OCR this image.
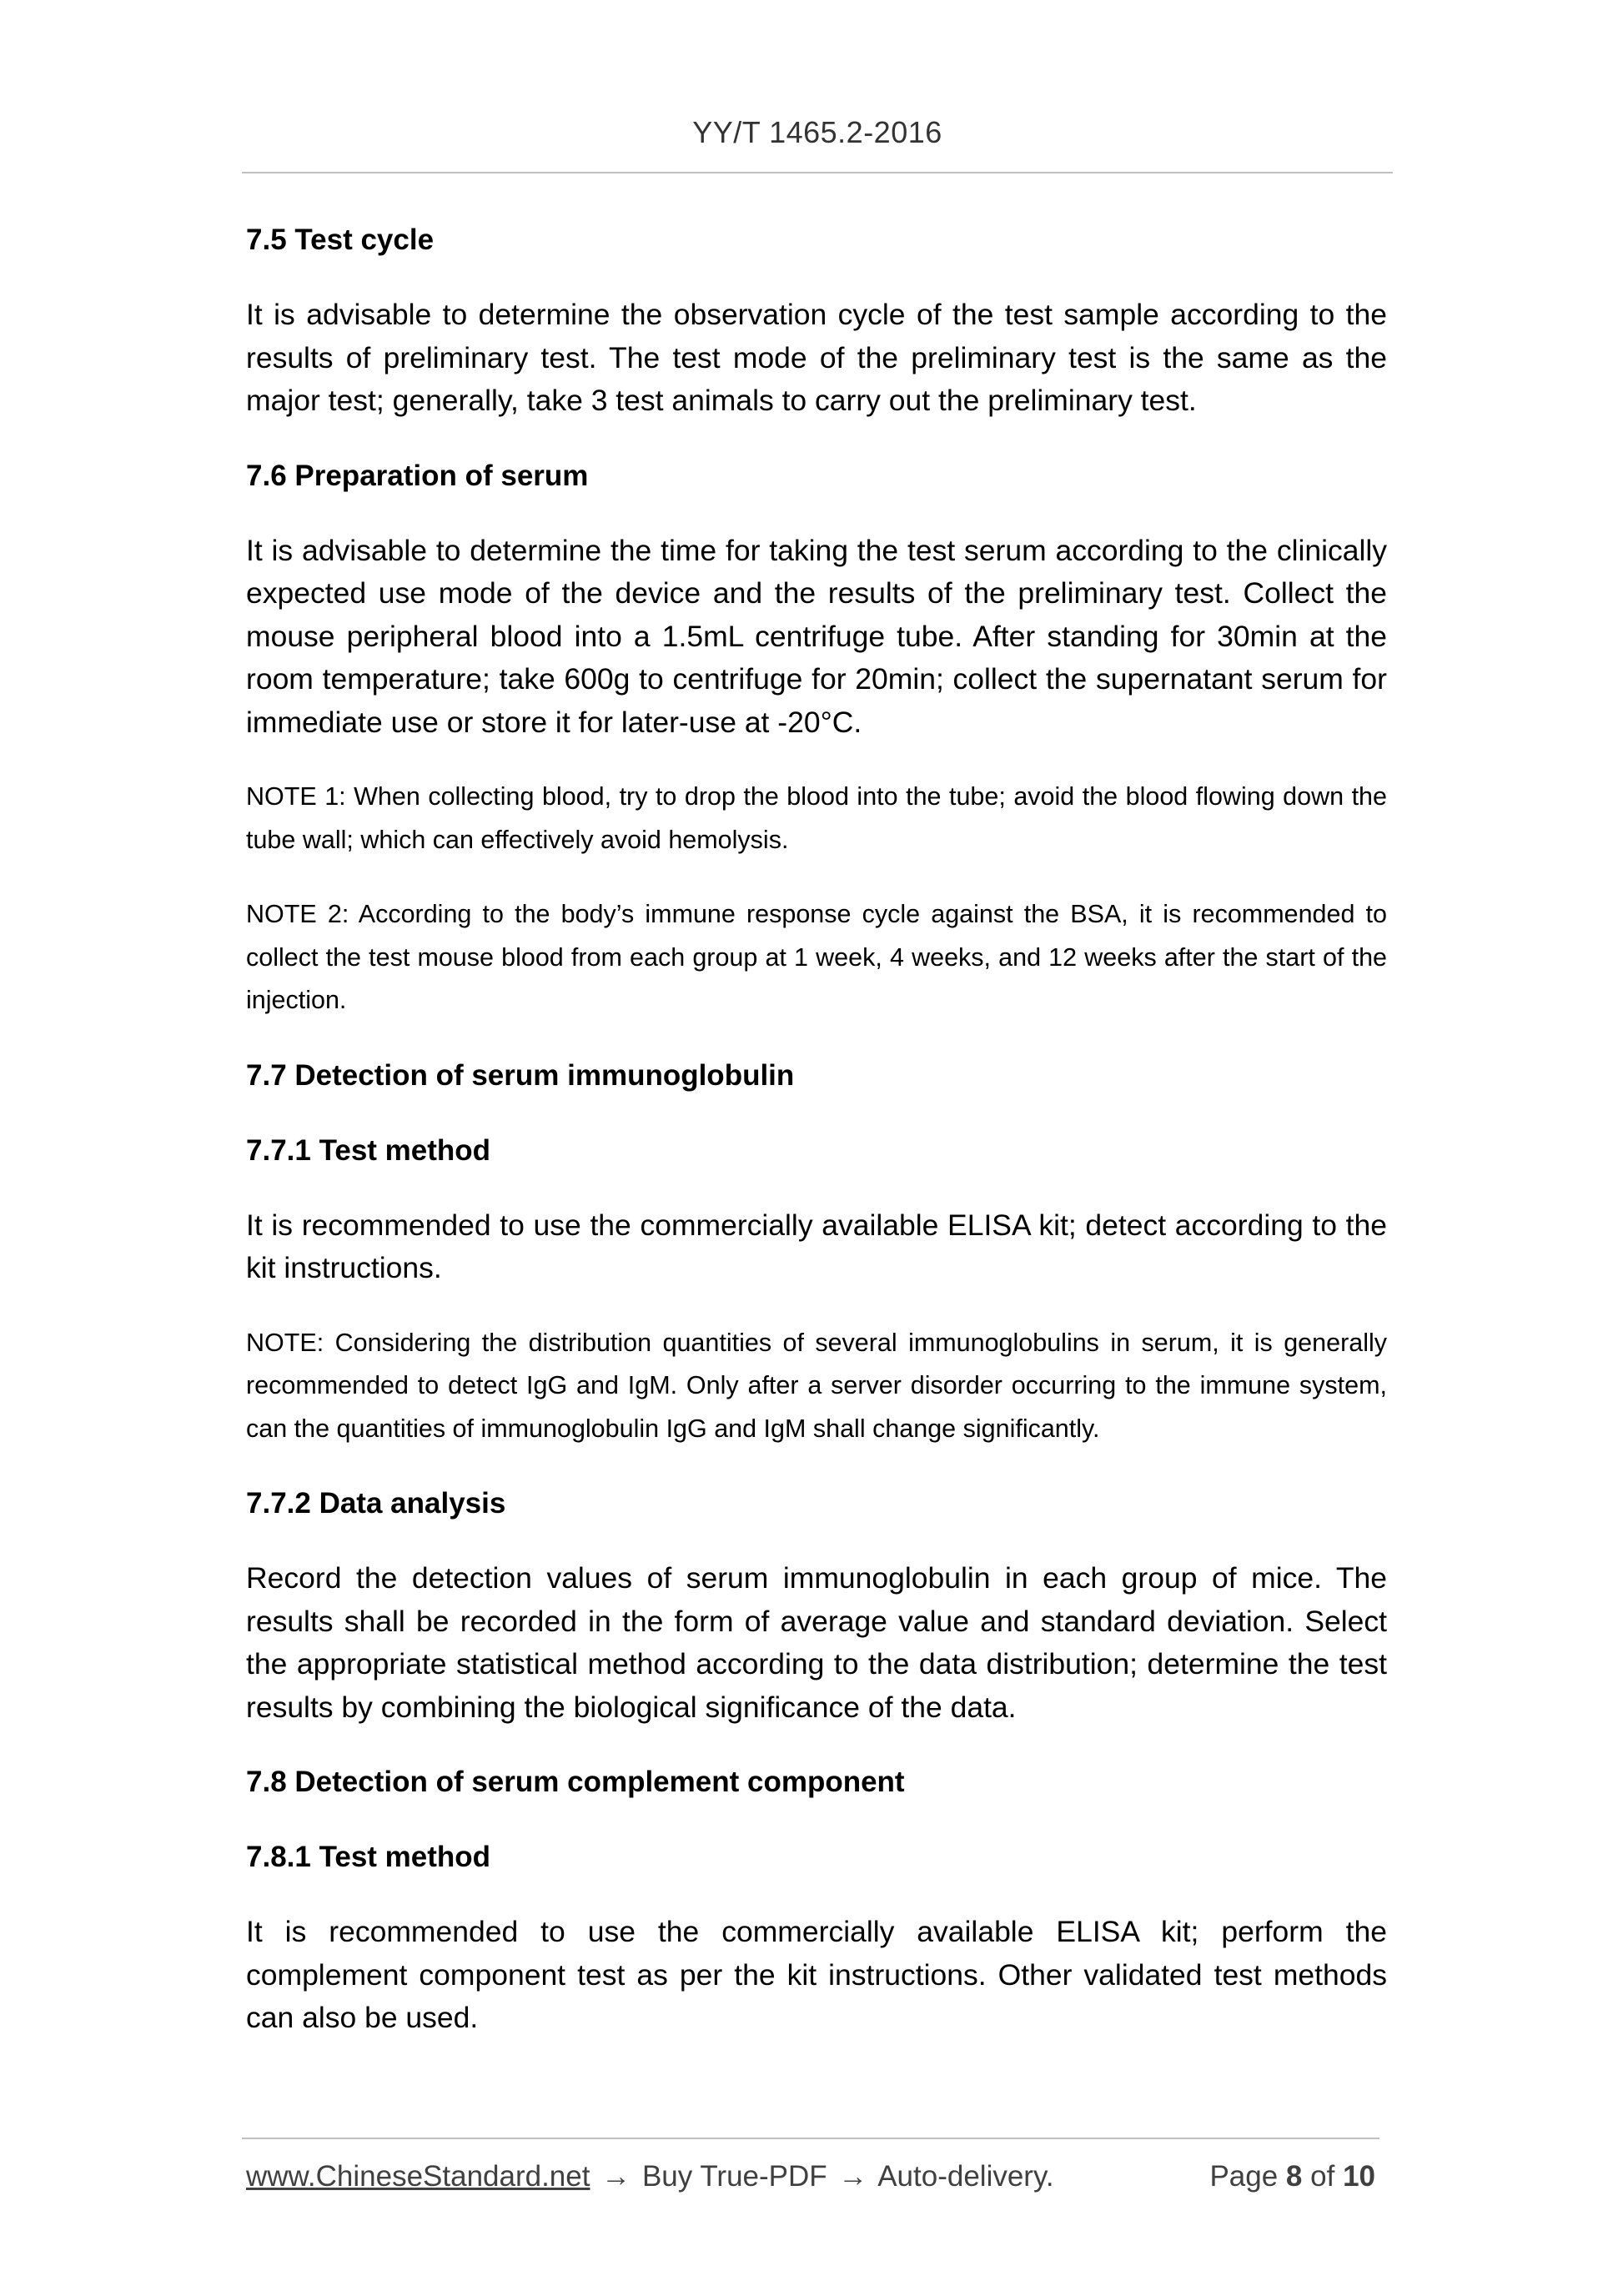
YY/T 1465.2-2016
7.5 Test cycle

It is advisable to determine the observation cycle of the test sample according to the results of preliminary test. The test mode of the preliminary test is the same as the major test; generally, take 3 test animals to carry out the preliminary test.

7.6 Preparation of serum

It is advisable to determine the time for taking the test serum according to the clinically expected use mode of the device and the results of the preliminary test. Collect the mouse peripheral blood into a 1.5mL centrifuge tube. After standing for 30min at the room temperature; take 600g to centrifuge for 20min; collect the supernatant serum for immediate use or store it for later-use at -20°C.

NOTE 1: When collecting blood, try to drop the blood into the tube; avoid the blood flowing down the tube wall; which can effectively avoid hemolysis.

NOTE 2: According to the body’s immune response cycle against the BSA, it is recommended to collect the test mouse blood from each group at 1 week, 4 weeks, and 12 weeks after the start of the injection.

7.7 Detection of serum immunoglobulin
7.7.1 Test method

It is recommended to use the commercially available ELISA kit; detect according to the kit instructions.

NOTE: Considering the distribution quantities of several immunoglobulins in serum, it is generally recommended to detect IgG and IgM. Only after a server disorder occurring to the immune system, can the quantities of immunoglobulin IgG and IgM shall change significantly.

7.7.2 Data analysis

Record the detection values of serum immunoglobulin in each group of mice. The results shall be recorded in the form of average value and standard deviation. Select the appropriate statistical method according to the data distribution; determine the test results by combining the biological significance of the data.

7.8 Detection of serum complement component
7.8.1 Test method

It is recommended to use the commercially available ELISA kit; perform the complement component test as per the kit instructions. Other validated test methods can also be used.

www.ChineseStandard.net → Buy True-PDF → Auto-delivery.	Page 8 of 10
